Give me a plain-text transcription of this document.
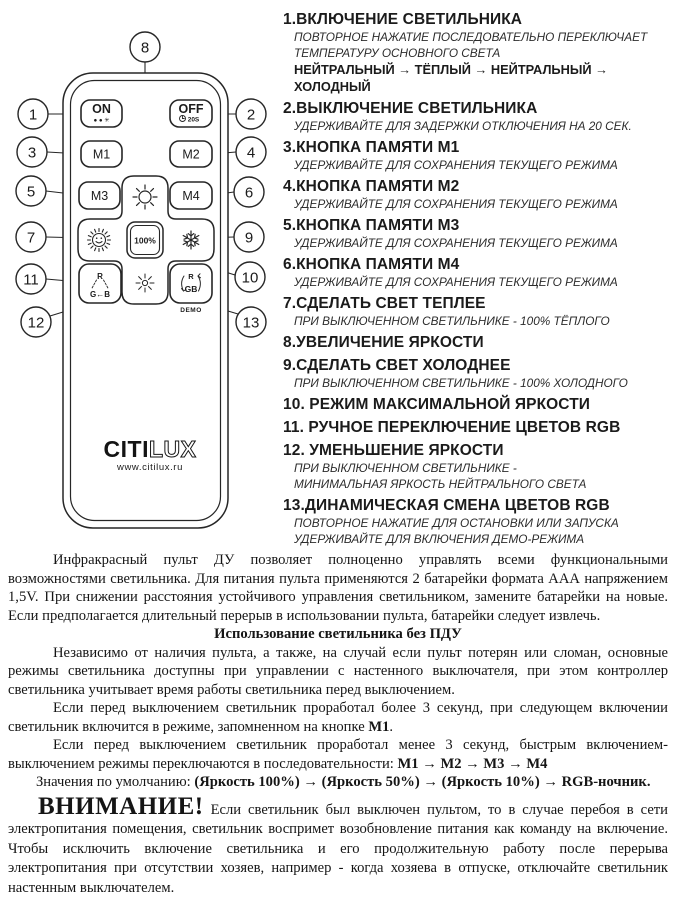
ON
● ● ✳
OFF
20S
M1	M2
M3	M4
100%
R
G←B
R
GB
DEMO
CITILUX
www.citilux.ru
1	2
3	4
5	6
7
8
9
10
11
12	13
1.ВКЛЮЧЕНИЕ СВЕТИЛЬНИКА
ПОВТОРНОЕ НАЖАТИЕ ПОСЛЕДОВАТЕЛЬНО ПЕРЕКЛЮЧАЕТ
ТЕМПЕРАТУРУ ОСНОВНОГО СВЕТА
НЕЙТРАЛЬНЫЙ → ТЁПЛЫЙ → НЕЙТРАЛЬНЫЙ → ХОЛОДНЫЙ
2.ВЫКЛЮЧЕНИЕ СВЕТИЛЬНИКА
УДЕРЖИВАЙТЕ ДЛЯ ЗАДЕРЖКИ ОТКЛЮЧЕНИЯ НА 20 СЕК.
3.КНОПКА ПАМЯТИ М1
УДЕРЖИВАЙТЕ ДЛЯ СОХРАНЕНИЯ ТЕКУЩЕГО РЕЖИМА
4.КНОПКА ПАМЯТИ М2
УДЕРЖИВАЙТЕ ДЛЯ СОХРАНЕНИЯ ТЕКУЩЕГО РЕЖИМА
5.КНОПКА ПАМЯТИ М3
УДЕРЖИВАЙТЕ ДЛЯ СОХРАНЕНИЯ ТЕКУЩЕГО РЕЖИМА
6.КНОПКА ПАМЯТИ М4
УДЕРЖИВАЙТЕ ДЛЯ СОХРАНЕНИЯ ТЕКУЩЕГО РЕЖИМА
7.СДЕЛАТЬ СВЕТ ТЕПЛЕЕ
ПРИ ВЫКЛЮЧЕННОМ СВЕТИЛЬНИКЕ - 100% ТЁПЛОГО
8.УВЕЛИЧЕНИЕ ЯРКОСТИ
9.СДЕЛАТЬ СВЕТ ХОЛОДНЕЕ
ПРИ ВЫКЛЮЧЕННОМ СВЕТИЛЬНИКЕ - 100% ХОЛОДНОГО
10. РЕЖИМ МАКСИМАЛЬНОЙ ЯРКОСТИ
11. РУЧНОЕ ПЕРЕКЛЮЧЕНИЕ ЦВЕТОВ RGB
12. УМЕНЬШЕНИЕ ЯРКОСТИ
ПРИ ВЫКЛЮЧЕННОМ СВЕТИЛЬНИКЕ -
МИНИМАЛЬНАЯ ЯРКОСТЬ НЕЙТРАЛЬНОГО СВЕТА
13.ДИНАМИЧЕСКАЯ СМЕНА ЦВЕТОВ RGB
ПОВТОРНОЕ НАЖАТИЕ ДЛЯ ОСТАНОВКИ ИЛИ ЗАПУСКА
УДЕРЖИВАЙТЕ ДЛЯ ВКЛЮЧЕНИЯ ДЕМО-РЕЖИМА

Инфракрасный пульт ДУ позволяет полноценно управлять всеми функциональными возможностями светильника. Для питания пульта применяются 2 батарейки формата ААА напряжением 1,5V. При снижении расстояния устойчивого управления светильником, замените батарейки на новые. Если предполагается длительный перерыв в использовании пульта, батарейки следует извлечь.

Использование светильника без ПДУ

Независимо от наличия пульта, а также, на случай если пульт потерян или сломан, основные режимы светильника доступны при управлении с настенного выключателя, при этом контроллер светильника учитывает время работы светильника перед выключением.

Если перед выключением светильник проработал более 3 секунд, при следующем включении светильник включится в режиме, запомненном на кнопке М1.

Если перед выключением светильник проработал менее 3 секунд, быстрым включением-выключением режимы переключаются в последовательности: М1 → М2 → М3 → М4

Значения по умолчанию: (Яркость 100%) → (Яркость 50%) → (Яркость 10%) → RGB-ночник.

ВНИМАНИЕ! Если светильник был выключен пультом, то в случае перебоя в сети электропитания помещения, светильник воспримет возобновление питания как команду на включение. Чтобы исключить включение светильника и его продолжительную работу после перерыва электропитания при отсутствии хозяев, например - когда хозяева в отпуске, отключайте светильник настенным выключателем.
